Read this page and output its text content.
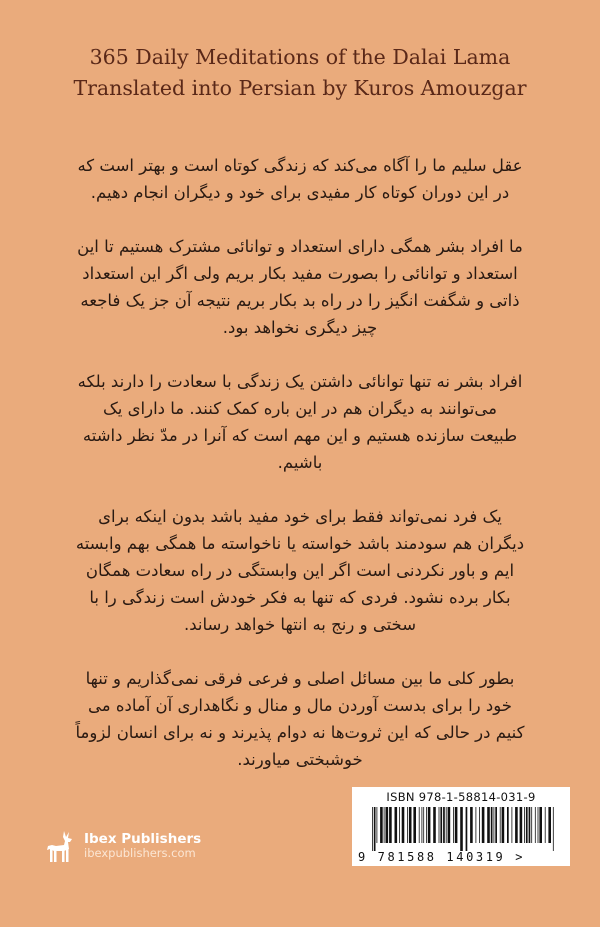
365 Daily Meditations of the Dalai Lama
Translated into Persian by Kuros Amouzgar
عقل سلیم ما را آگاه می‌کند که زندگی کوتاه است و بهتر است که
در این دوران کوتاه کار مفیدی برای خود و دیگران انجام دهیم.
ما افراد بشر همگی دارای استعداد و توانائی مشترک هستیم تا این
استعداد و توانائی را بصورت مفید بکار بریم ولی اگر این استعداد
ذاتی و شگفت انگیز را در راه بد بکار بریم نتیجه آن جز یک فاجعه
چیز دیگری نخواهد بود.
افراد بشر نه تنها توانائی داشتن یک زندگی با سعادت را دارند بلکه
می‌توانند به دیگران هم در این باره کمک کنند. ما دارای یک
طبیعت سازنده هستیم و این مهم است که آنرا در مدّ نظر داشته
باشیم.
یک فرد نمی‌تواند فقط برای خود مفید باشد بدون اینکه برای
دیگران هم سودمند باشد خواسته یا ناخواسته ما همگی بهم وابسته
ایم و باور نکردنی است اگر این وابستگی در راه سعادت همگان
بکار برده نشود. فردی که تنها به فکر خودش است زندگی را با
سختی و رنج به انتها خواهد رساند.
بطور کلی ما بین مسائل اصلی و فرعی فرقی نمی‌گذاریم و تنها
خود را برای بدست آوردن مال و منال و نگاهداری آن آماده می
کنیم در حالی که این ثروت‌ها نه دوام پذیرند و نه برای انسان لزوماً
خوشبختی میاورند.
ISBN 978-1-58814-031-9
9 781588 140319 >
Ibex Publishers
ibexpublishers.com
